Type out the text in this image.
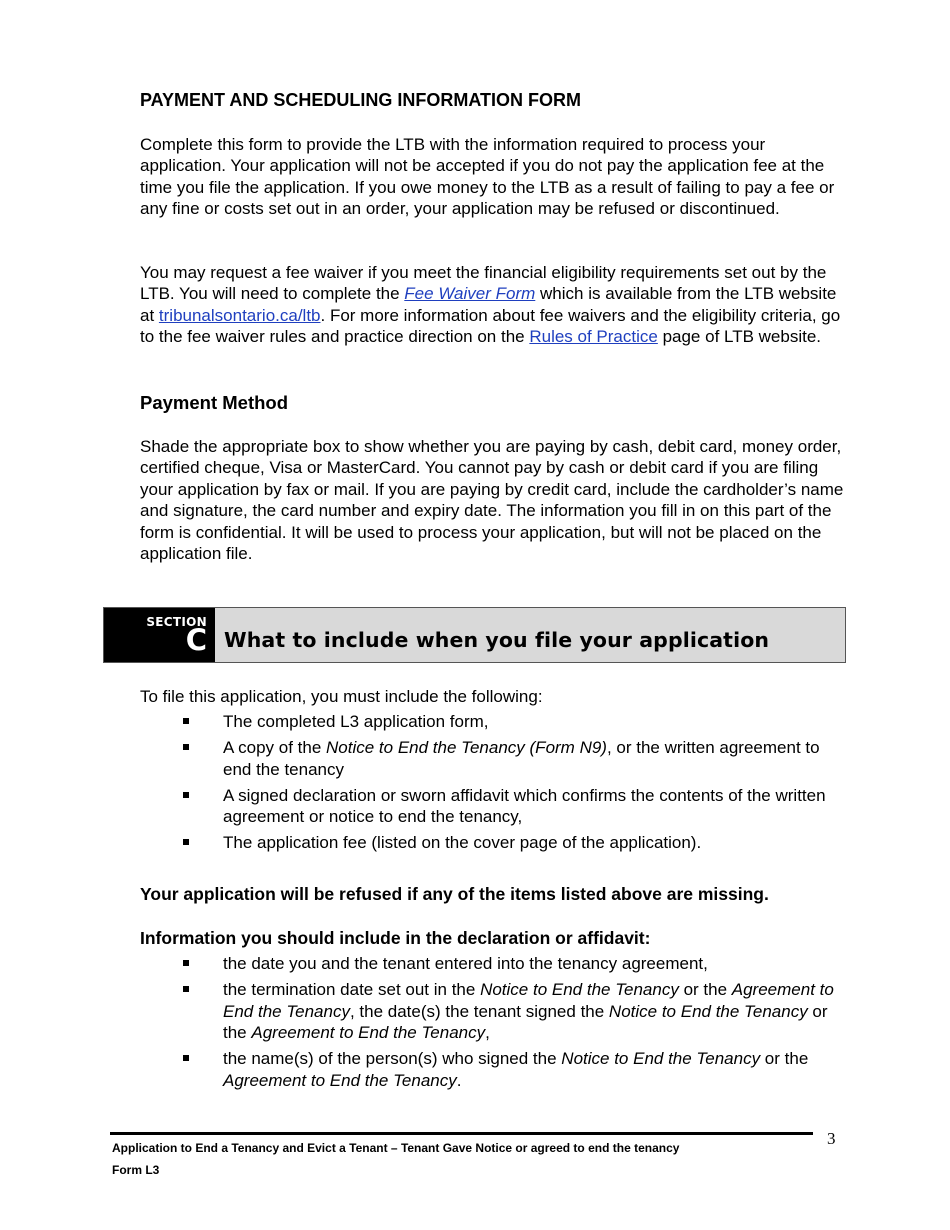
PAYMENT AND SCHEDULING INFORMATION FORM

Complete this form to provide the LTB with the information required to process your application. Your application will not be accepted if you do not pay the application fee at the time you file the application. If you owe money to the LTB as a result of failing to pay a fee or any fine or costs set out in an order, your application may be refused or discontinued.

You may request a fee waiver if you meet the financial eligibility requirements set out by the LTB. You will need to complete the Fee Waiver Form which is available from the LTB website at tribunalsontario.ca/ltb. For more information about fee waivers and the eligibility criteria, go to the fee waiver rules and practice direction on the Rules of Practice page of LTB website.

Payment Method

Shade the appropriate box to show whether you are paying by cash, debit card, money order, certified cheque, Visa or MasterCard. You cannot pay by cash or debit card if you are filing your application by fax or mail. If you are paying by credit card, include the cardholder’s name and signature, the card number and expiry date. The information you fill in on this part of the form is confidential. It will be used to process your application, but will not be placed on the application file.

SECTION
C What to include when you file your application

To file this application, you must include the following:

The completed L3 application form,
A copy of the Notice to End the Tenancy (Form N9), or the written agreement to end the tenancy
A signed declaration or sworn affidavit which confirms the contents of the written agreement or notice to end the tenancy,
The application fee (listed on the cover page of the application).

Your application will be refused if any of the items listed above are missing.

Information you should include in the declaration or affidavit:

the date you and the tenant entered into the tenancy agreement,
the termination date set out in the Notice to End the Tenancy or the Agreement to End the Tenancy, the date(s) the tenant signed the Notice to End the Tenancy or the Agreement to End the Tenancy,
the name(s) of the person(s) who signed the Notice to End the Tenancy or the Agreement to End the Tenancy.
3
Application to End a Tenancy and Evict a Tenant – Tenant Gave Notice or agreed to end the tenancy
Form L3
